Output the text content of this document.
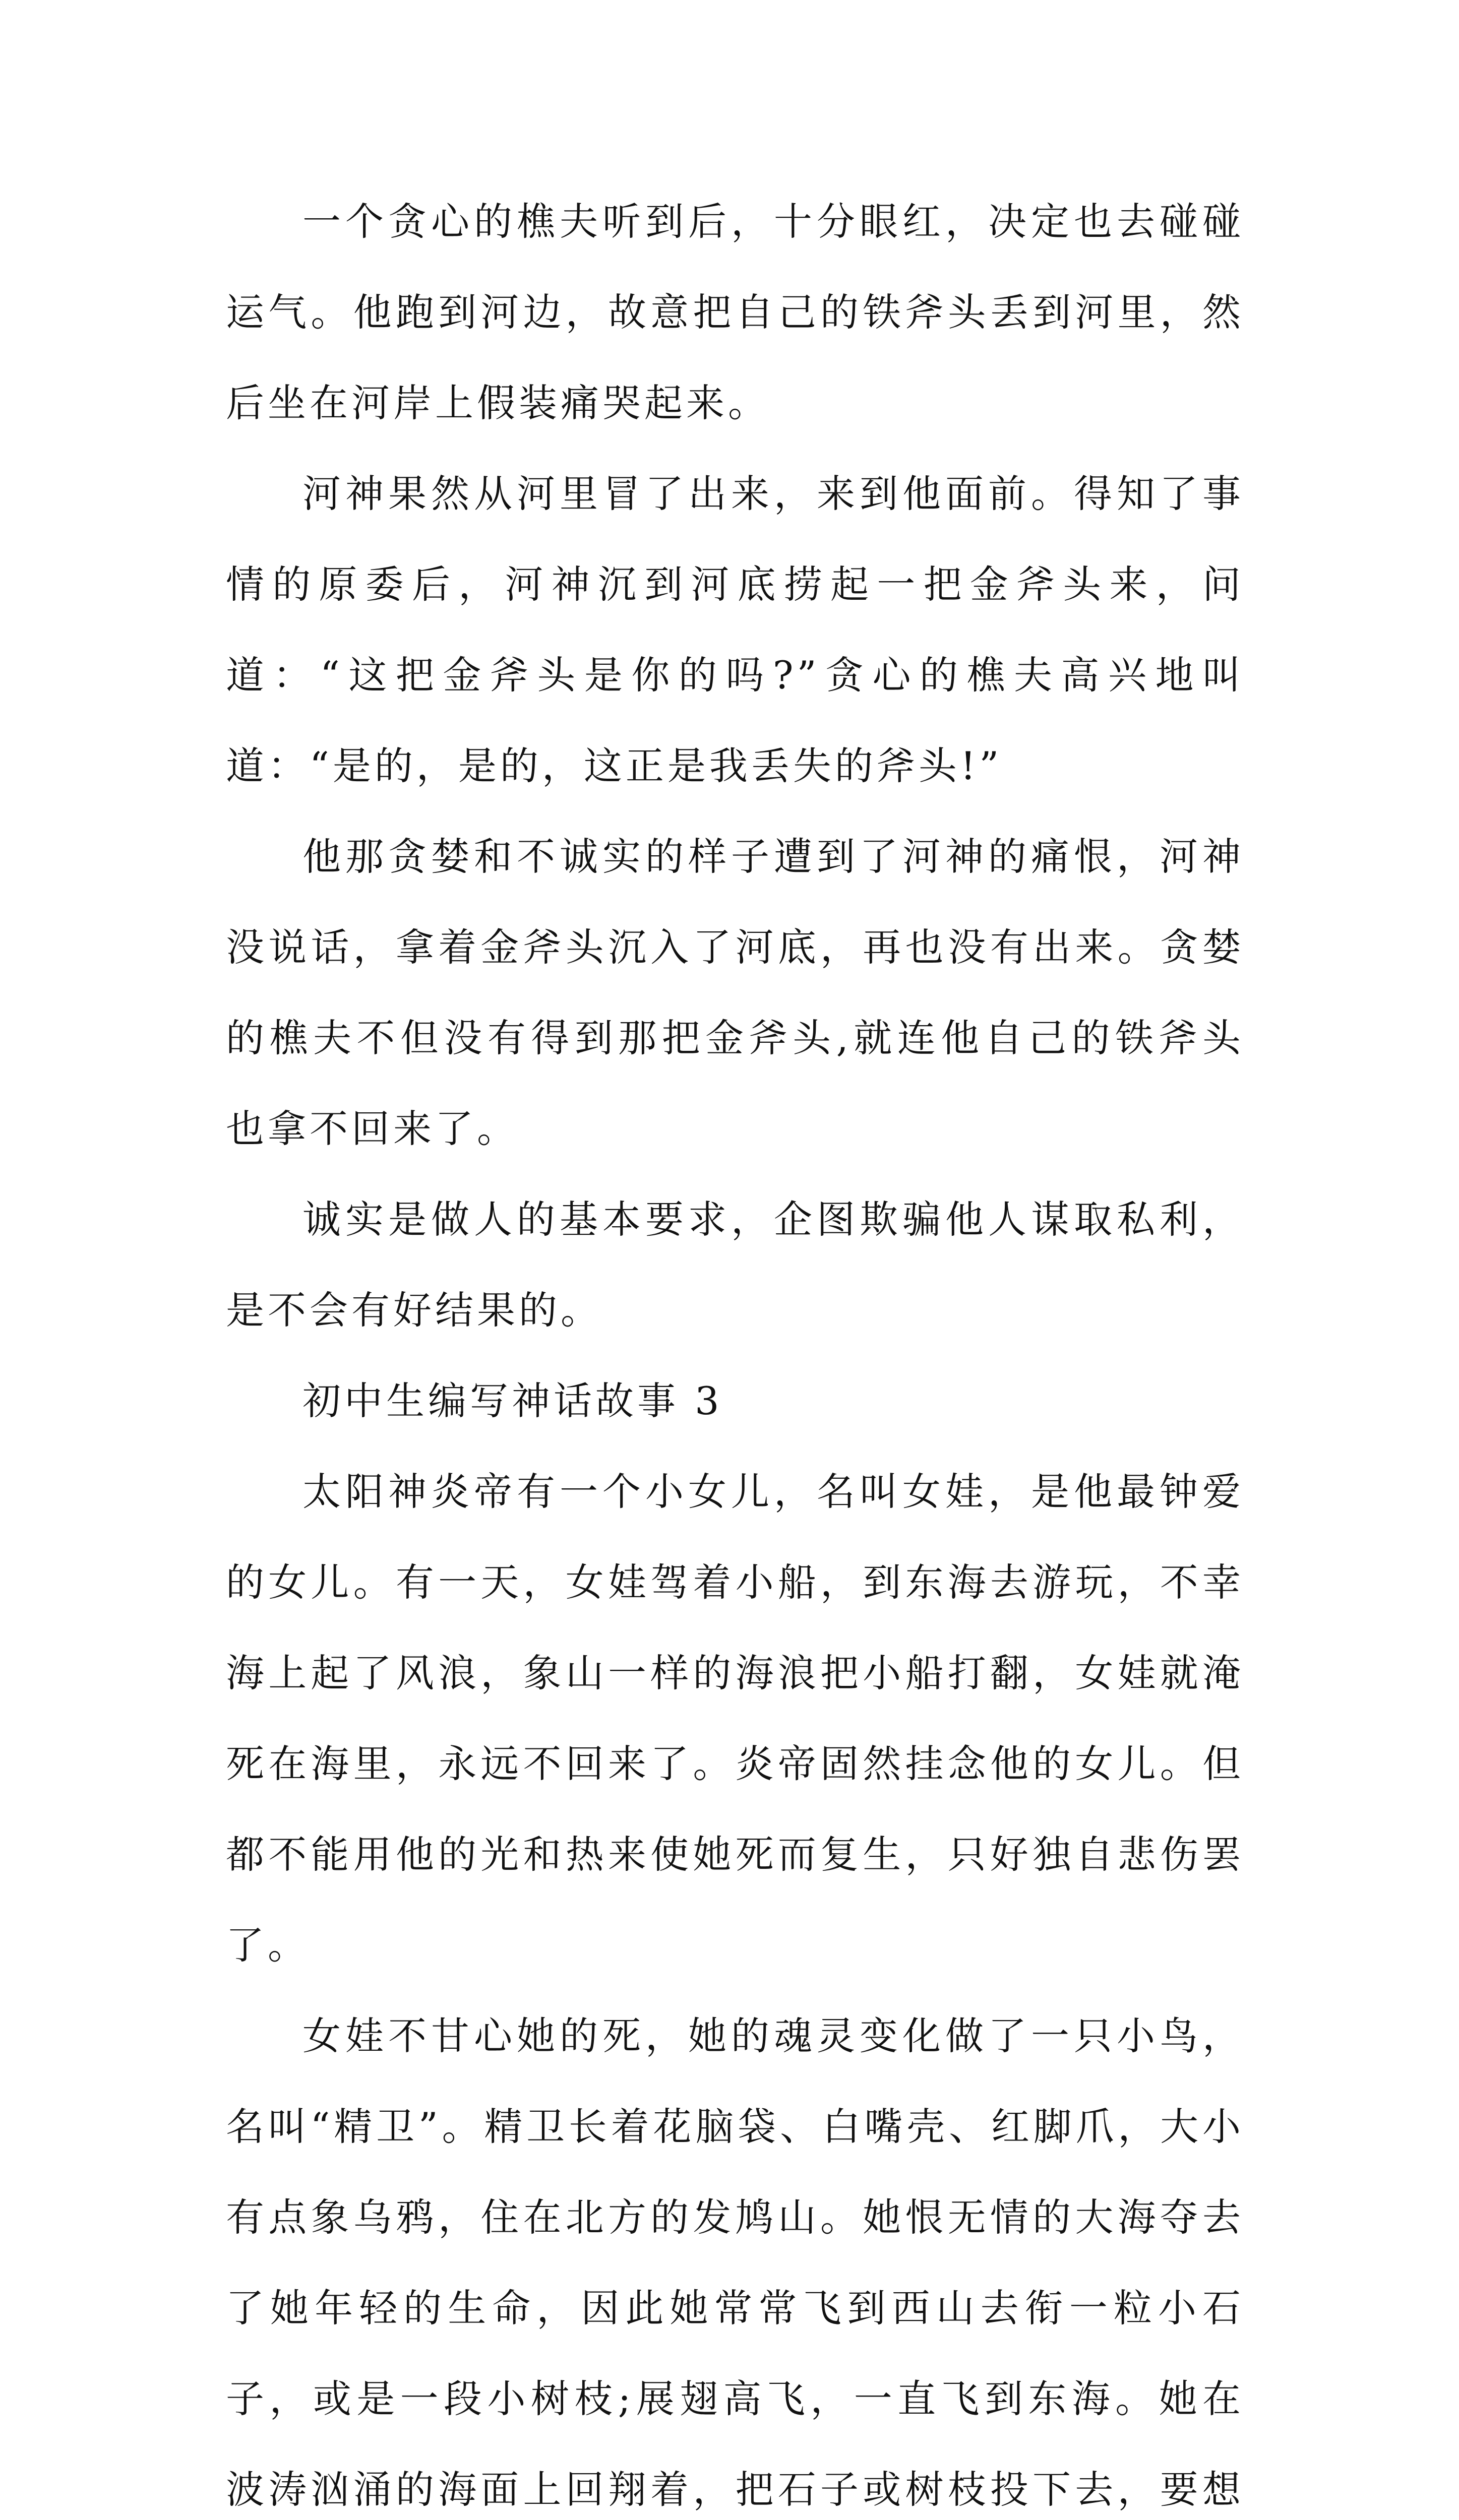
一个贪心的樵夫听到后，十分眼红，决定也去碰碰运气。他跑到河边，故意把自己的铁斧头丢到河里，然后坐在河岸上假装痛哭起来。

河神果然从河里冒了出来，来到他面前。得知了事情的原委后，河神沉到河底捞起一把金斧头来，问道：“这把金斧头是你的吗?”贪心的樵夫高兴地叫道：“是的，是的，这正是我丢失的斧头!”

他那贪婪和不诚实的样子遭到了河神的痛恨，河神没说话，拿着金斧头沉入了河底，再也没有出来。贪婪的樵夫不但没有得到那把金斧头,就连他自己的铁斧头也拿不回来了。

诚实是做人的基本要求，企图欺骗他人谋取私利，是不会有好结果的。

初中生编写神话故事 3

太阳神炎帝有一个小女儿，名叫女娃，是他最钟爱的女儿。有一天，女娃驾着小船，到东海去游玩，不幸海上起了风浪，象山一样的海浪把小船打翻，女娃就淹死在海里，永远不回来了。炎帝固然挂念他的女儿。但都不能用他的光和热来使她死而复生，只好独自悲伤罢了。

女娃不甘心她的死，她的魂灵变化做了一只小鸟，名叫“精卫”。精卫长着花脑袋、白嘴壳、红脚爪，大小有点象乌鸦，住在北方的发鸠山。她恨无情的大海夺去了她年轻的生命，因此她常常飞到西山去衔一粒小石子，或是一段小树枝;展翅高飞，一直飞到东海。她在波涛汹涌的海面上回翔着，把石子或树枝投下去，要想
